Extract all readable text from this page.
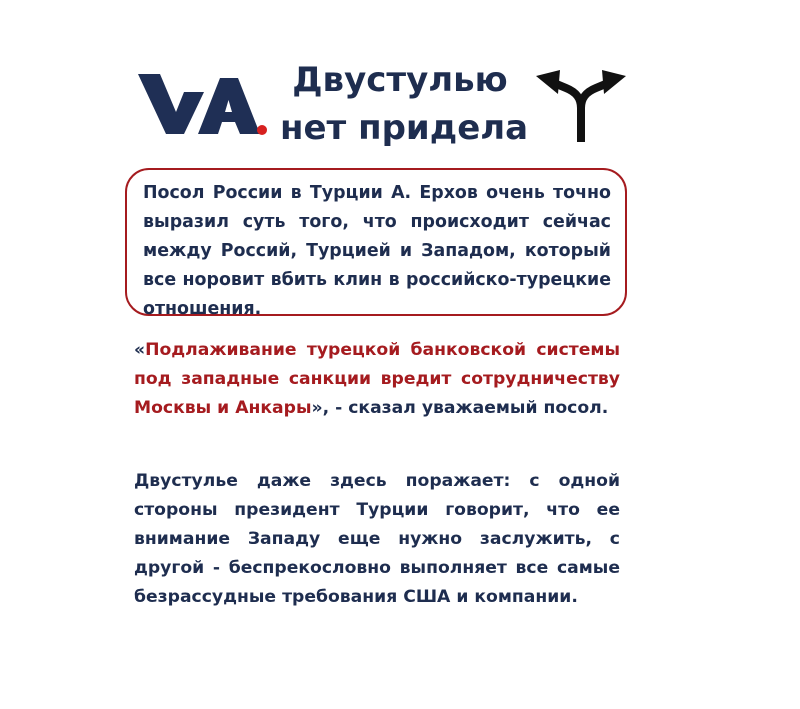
Двустулью
нет придела

Посол России в Турции А. Ерхов очень точно выразил суть того, что происходит сейчас между Россий, Турцией и Западом, который все норовит вбить клин в российско-турецкие отношения.

«Подлаживание турецкой банковской системы под западные санкции вредит сотрудничеству Москвы и Анкары», - сказал уважаемый посол.

Двустулье даже здесь поражает: с одной стороны президент Турции говорит, что ее внимание Западу еще нужно заслужить, с другой - беспрекословно выполняет все самые безрассудные требования США и компании.
